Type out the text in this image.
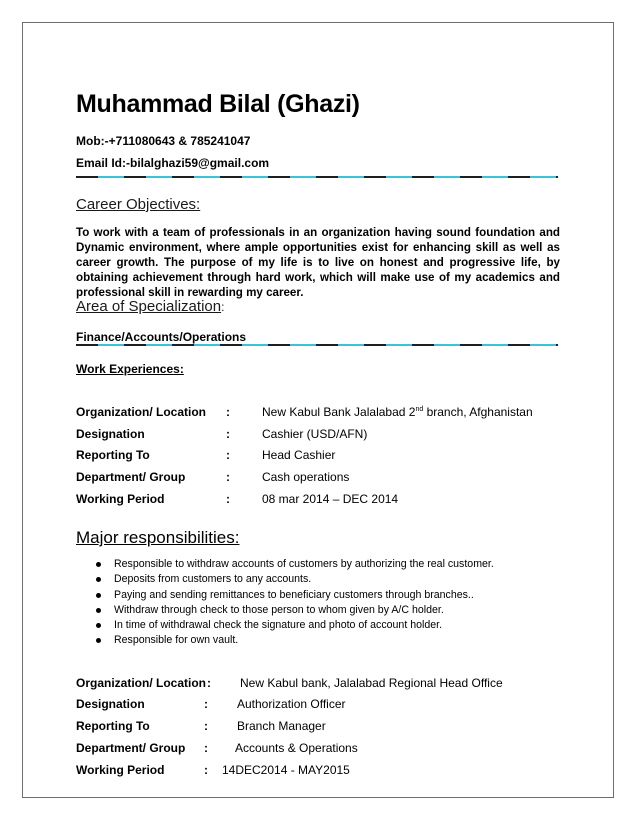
Muhammad Bilal (Ghazi)
Mob:-+711080643 & 785241047
Email Id:-bilalghazi59@gmail.com
Career Objectives:
To work with a team of professionals in an organization having sound foundation and Dynamic environment, where ample opportunities exist for enhancing skill as well as career growth. The purpose of my life is to live on honest and progressive life, by obtaining achievement through hard work, which will make use of my academics and professional skill in rewarding my career.
Area of Specialization:
Finance/Accounts/Operations
Work Experiences:
Organization/ Location :	New Kabul Bank Jalalabad 2nd branch, Afghanistan
Designation	:	Cashier (USD/AFN)
Reporting To	:	Head Cashier
Department/ Group	:	Cash operations
Working Period	:	08 mar 2014 – DEC 2014
Major responsibilities:
Responsible to withdraw accounts of customers by authorizing the real customer.
Deposits from customers to any accounts.
Paying and sending remittances to beneficiary customers through branches..
Withdraw through check to those person to whom given by A/C holder.
In time of withdrawal check the signature and photo of account holder.
Responsible for own vault.
Organization/ Location : New Kabul bank, Jalalabad Regional Head Office
Designation	: Authorization Officer
Reporting To	: Branch Manager
Department/ Group : Accounts & Operations
Working Period	: 14DEC2014 - MAY2015
